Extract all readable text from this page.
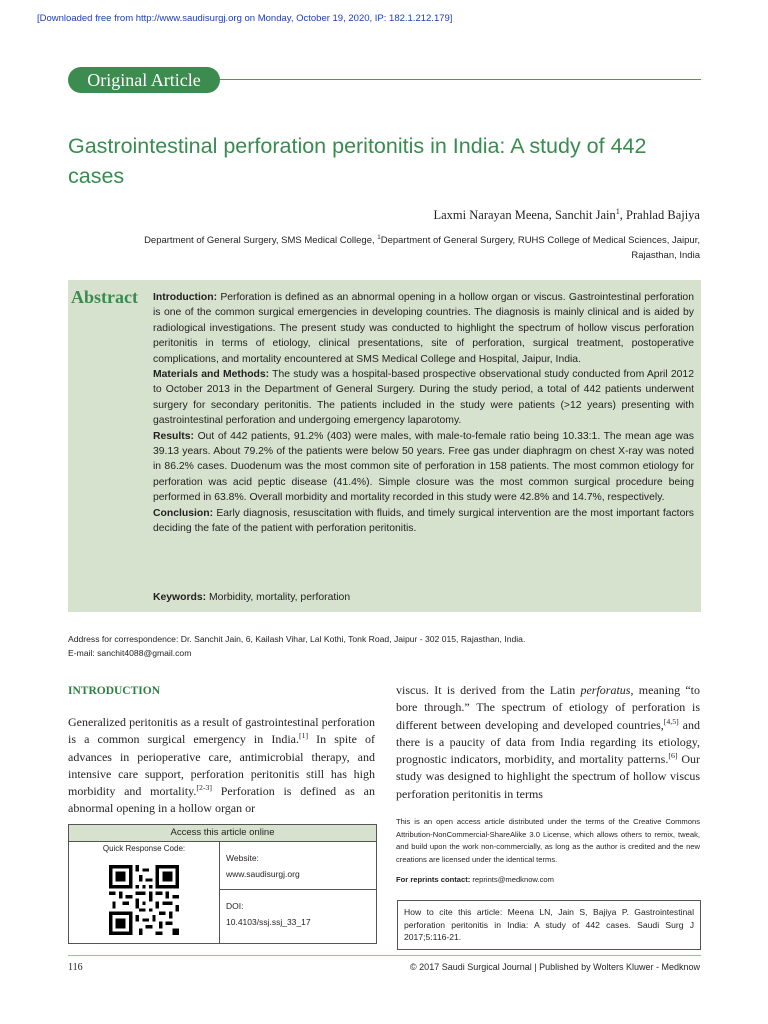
[Downloaded free from http://www.saudisurgj.org on Monday, October 19, 2020, IP: 182.1.212.179]
Original Article
Gastrointestinal perforation peritonitis in India: A study of 442 cases
Laxmi Narayan Meena, Sanchit Jain$^1$, Prahlad Bajiya
Department of General Surgery, SMS Medical College, $^1$Department of General Surgery, RUHS College of Medical Sciences, Jaipur,
Rajasthan, India
Abstract Introduction: Perforation is defined as an abnormal opening in a hollow organ or viscus. Gastrointestinal perforation is one of the common surgical emergencies in developing countries. The diagnosis is mainly clinical and is aided by radiological investigations. The present study was conducted to highlight the spectrum of hollow viscus perforation peritonitis in terms of etiology, clinical presentations, site of perforation, surgical treatment, postoperative complications, and mortality encountered at SMS Medical College and Hospital, Jaipur, India.

Materials and Methods: The study was a hospital-based prospective observational study conducted from April 2012 to October 2013 in the Department of General Surgery. During the study period, a total of 442 patients underwent surgery for secondary peritonitis. The patients included in the study were patients (>12 years) presenting with gastrointestinal perforation and undergoing emergency laparotomy.

Results: Out of 442 patients, 91.2% (403) were males, with male-to-female ratio being 10.33:1. The mean age was 39.13 years. About 79.2% of the patients were below 50 years. Free gas under diaphragm on chest X-ray was noted in 86.2% cases. Duodenum was the most common site of perforation in 158 patients. The most common etiology for perforation was acid peptic disease (41.4%). Simple closure was the most common surgical procedure being performed in 63.8%. Overall morbidity and mortality recorded in this study were 42.8% and 14.7%, respectively.

Conclusion: Early diagnosis, resuscitation with fluids, and timely surgical intervention are the most important factors deciding the fate of the patient with perforation peritonitis.

Keywords: Morbidity, mortality, perforation
Address for correspondence: Dr. Sanchit Jain, 6, Kailash Vihar, Lal Kothi, Tonk Road, Jaipur - 302 015, Rajasthan, India.
E-mail: sanchit4088@gmail.com
INTRODUCTION

Generalized peritonitis as a result of gastrointestinal perforation is a common surgical emergency in India.[1] In spite of advances in perioperative care, antimicrobial therapy, and intensive care support, perforation peritonitis still has high morbidity and mortality.[2-3] Perforation is defined as an abnormal opening in a hollow organ or

viscus. It is derived from the Latin perforatus, meaning “to bore through.” The spectrum of etiology of perforation is different between developing and developed countries,[4,5] and there is a paucity of data from India regarding its etiology, prognostic indicators, morbidity, and mortality patterns.[6] Our study was designed to highlight the spectrum of hollow viscus perforation peritonitis in terms

Access this article online
Quick Response Code:
Website:
www.saudisurgj.org
DOI:
10.4103/ssj.ssj_33_17
This is an open access article distributed under the terms of the Creative Commons Attribution-NonCommercial-ShareAlike 3.0 License, which allows others to remix, tweak, and build upon the work non-commercially, as long as the author is credited and the new creations are licensed under the identical terms.
For reprints contact: reprints@medknow.com
How to cite this article: Meena LN, Jain S, Bajiya P. Gastrointestinal perforation peritonitis in India: A study of 442 cases. Saudi Surg J 2017;5:116-21.
116	© 2017 Saudi Surgical Journal | Published by Wolters Kluwer - Medknow
